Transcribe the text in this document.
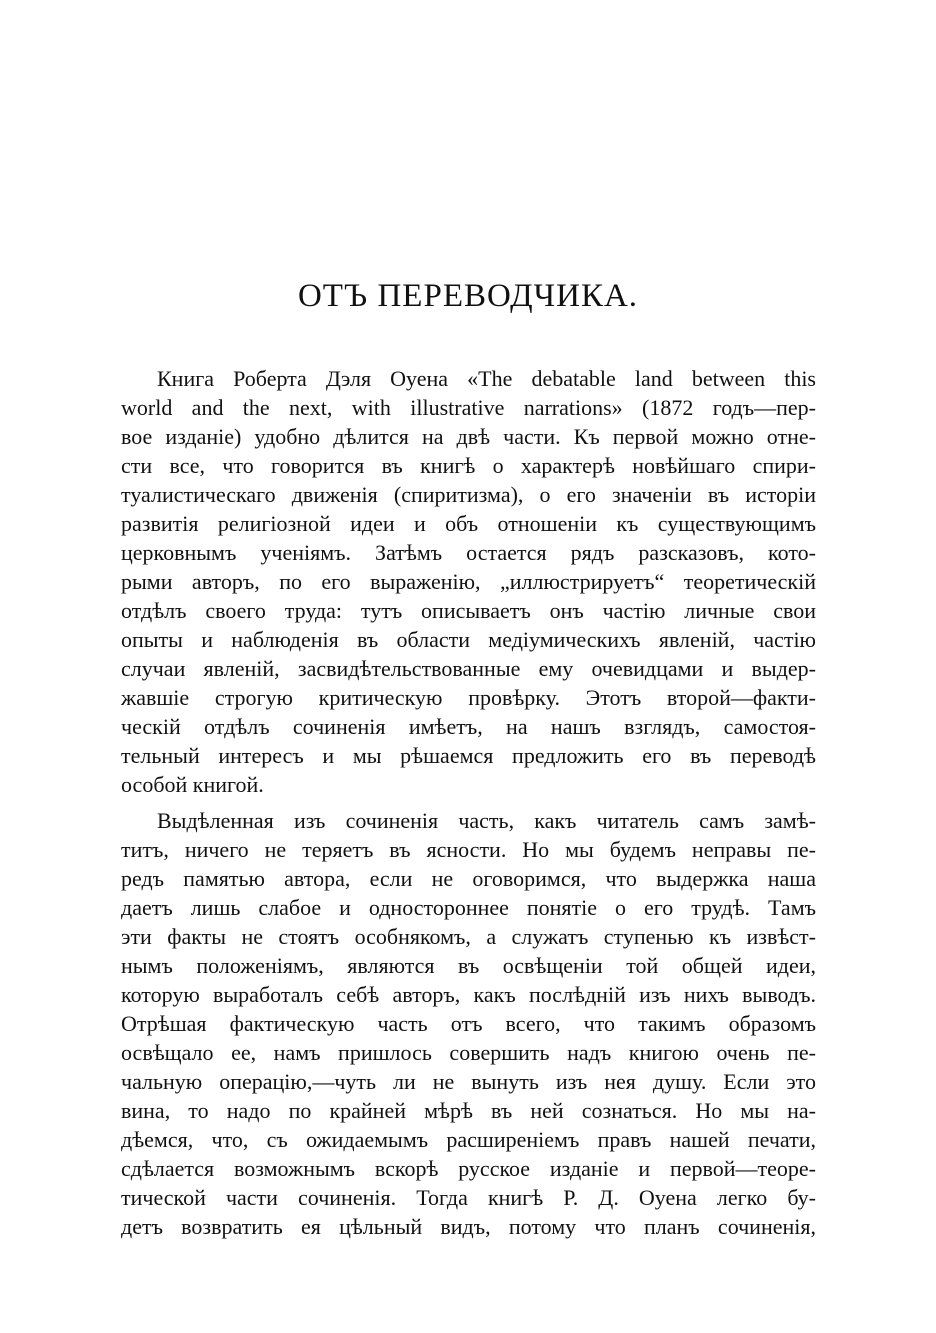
ОТЪ ПЕРЕВОДЧИКА.
Книга Роберта Дэля Оуена «The debatable land between this
world and the next, with illustrative narrations» (1872 годъ—пер-
вое изданіе) удобно дѣлится на двѣ части. Къ первой можно отне-
сти все, что говорится въ книгѣ о характерѣ новѣйшаго спири-
туалистическаго движенія (спиритизма), о его значеніи въ исторіи
развитія религіозной идеи и объ отношеніи къ существующимъ
церковнымъ ученіямъ. Затѣмъ остается рядъ разсказовъ, кото-
рыми авторъ, по его выраженію, „иллюстрируетъ“ теоретическій
отдѣлъ своего труда: тутъ описываетъ онъ частію личные свои
опыты и наблюденія въ области медіумическихъ явленій, частію
случаи явленій, засвидѣтельствованные ему очевидцами и выдер-
жавшіе строгую критическую провѣрку. Этотъ второй—факти-
ческій отдѣлъ сочиненія имѣетъ, на нашъ взглядъ, самостоя-
тельный интересъ и мы рѣшаемся предложить его въ переводѣ
особой книгой.
Выдѣленная изъ сочиненія часть, какъ читатель самъ замѣ-
титъ, ничего не теряетъ въ ясности. Но мы будемъ неправы пе-
редъ памятью автора, если не оговоримся, что выдержка наша
даетъ лишь слабое и одностороннее понятіе о его трудѣ. Тамъ
эти факты не стоятъ особнякомъ, а служатъ ступенью къ извѣст-
нымъ положеніямъ, являются въ освѣщеніи той общей идеи,
которую выработалъ себѣ авторъ, какъ послѣдній изъ нихъ выводъ.
Отрѣшая фактическую часть отъ всего, что такимъ образомъ
освѣщало ее, намъ пришлось совершить надъ книгою очень пе-
чальную операцію,—чуть ли не вынуть изъ нея душу. Если это
вина, то надо по крайней мѣрѣ въ ней сознаться. Но мы на-
дѣемся, что, съ ожидаемымъ расширеніемъ правъ нашей печати,
сдѣлается возможнымъ вскорѣ русское изданіе и первой—теоре-
тической части сочиненія. Тогда книгѣ Р. Д. Оуена легко бу-
детъ возвратить ея цѣльный видъ, потому что планъ сочиненія,
